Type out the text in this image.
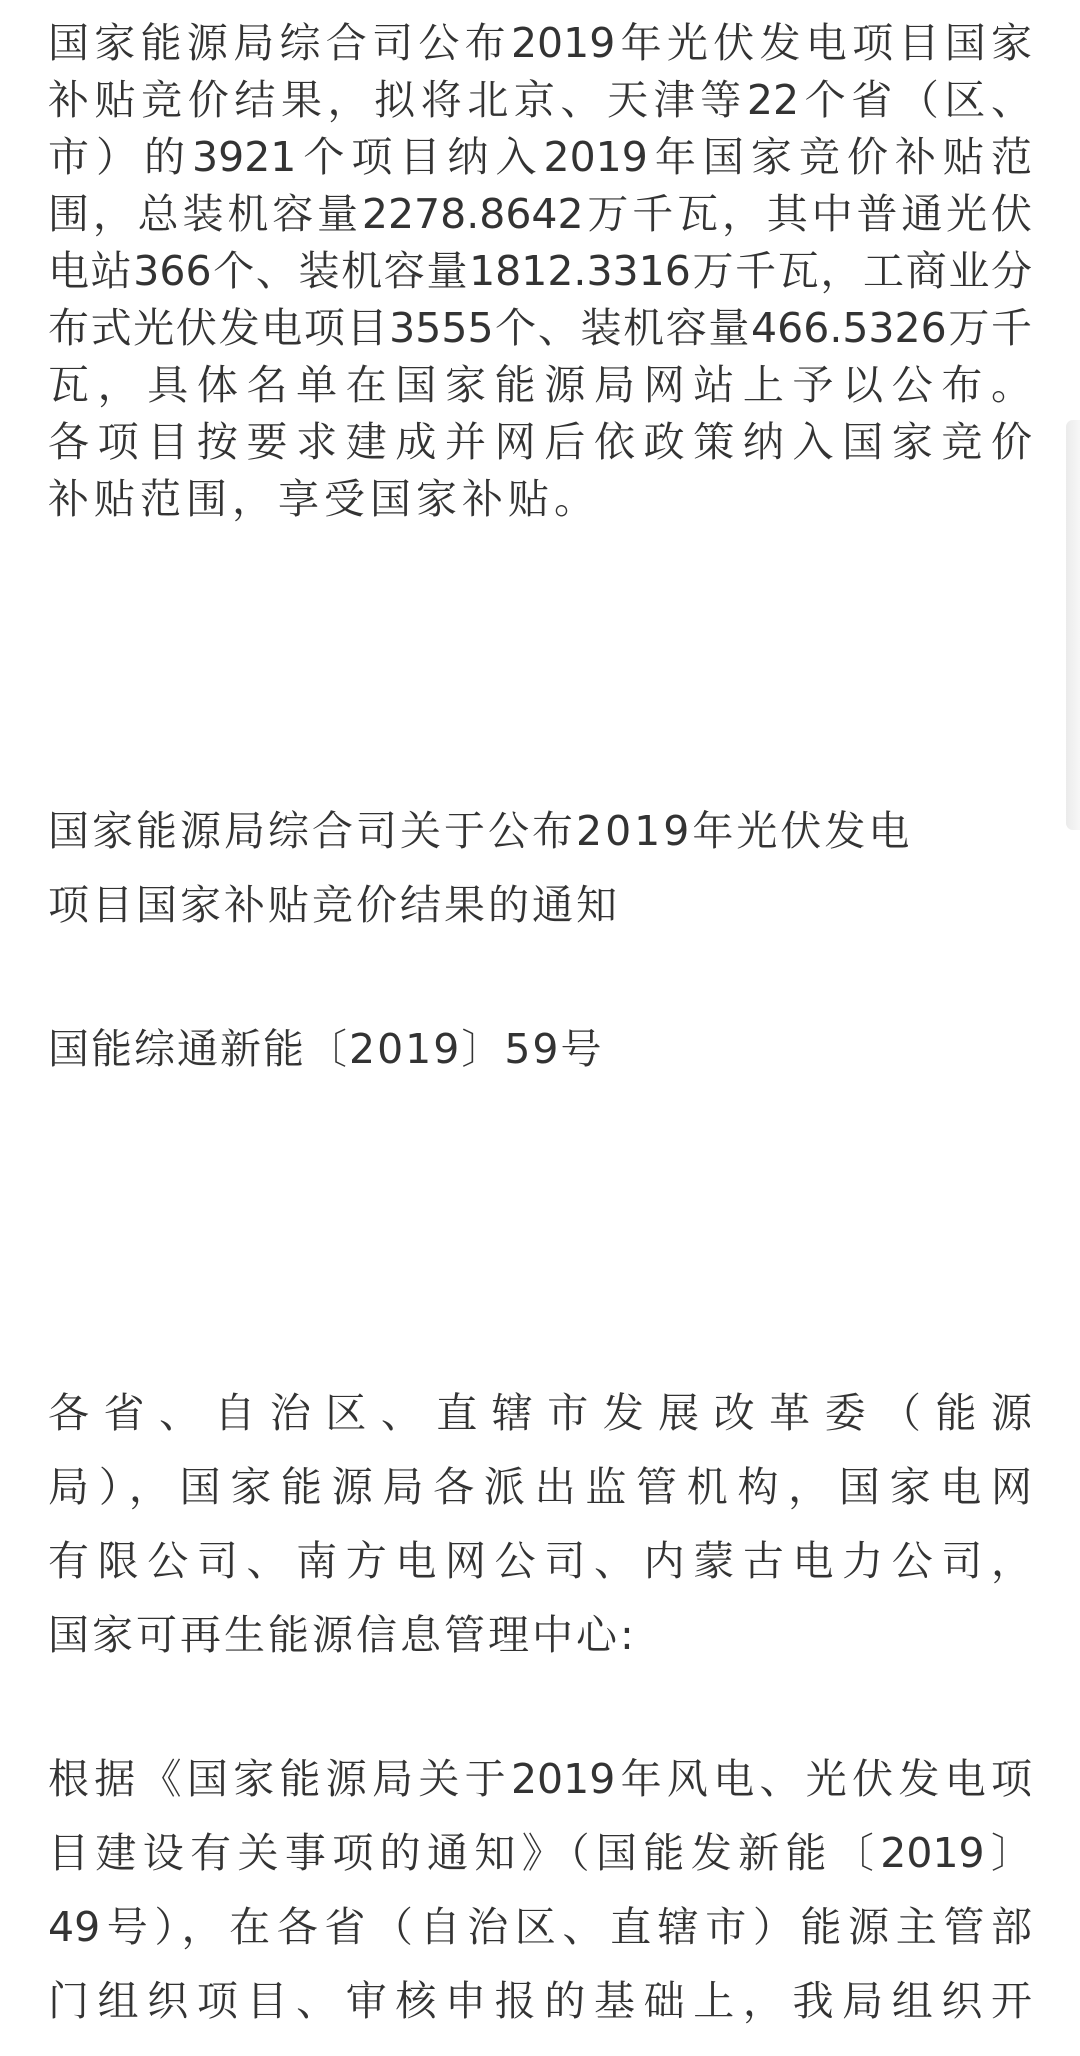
国家能源局综合司公布2019年光伏发电项目国家
补贴竞价结果，拟将北京、天津等22个省（区、
市）的3921个项目纳入2019年国家竞价补贴范
围，总装机容量2278.8642万千瓦，其中普通光伏
电站366个、装机容量1812.3316万千瓦，工商业分
布式光伏发电项目3555个、装机容量466.5326万千
瓦，具体名单在国家能源局网站上予以公布。
各项目按要求建成并网后依政策纳入国家竞价
补贴范围，享受国家补贴。
国家能源局综合司关于公布2019年光伏发电
项目国家补贴竞价结果的通知
国能综通新能〔2019〕59号
各省、自治区、直辖市发展改革委（能源
局），国家能源局各派出监管机构，国家电网
有限公司、南方电网公司、内蒙古电力公司，
国家可再生能源信息管理中心:
根据《国家能源局关于2019年风电、光伏发电项
目建设有关事项的通知》（国能发新能〔2019〕
49号），在各省（自治区、直辖市）能源主管部
门组织项目、审核申报的基础上，我局组织开
